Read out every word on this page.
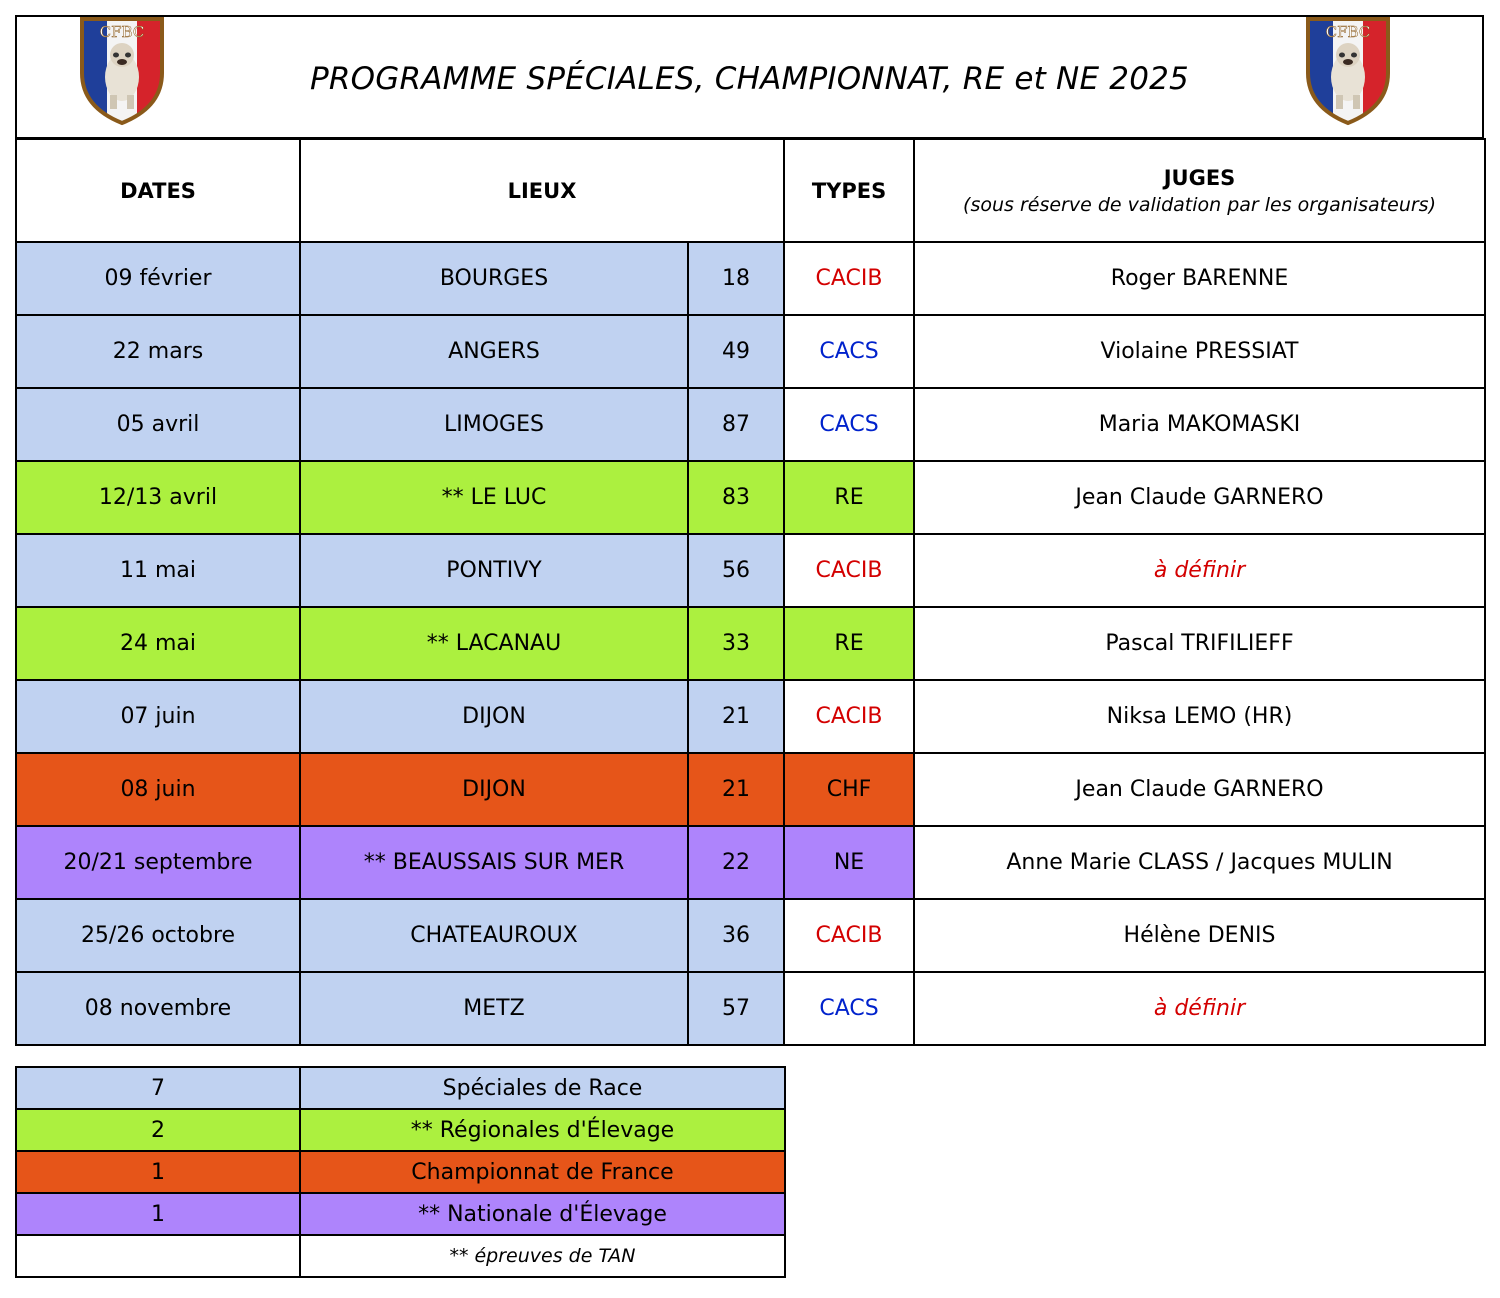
PROGRAMME SPÉCIALES, CHAMPIONNAT, RE et NE 2025
CFBC	CFBC
DATES	LIEUX		TYPES	JUGES
(sous réserve de validation par les organisateurs)

09 février	BOURGES	18	CACIB	Roger BARENNE
22 mars	ANGERS	49	CACS	Violaine PRESSIAT
05 avril	LIMOGES	87	CACS	Maria MAKOMASKI
12/13 avril	** LE LUC	83	RE	Jean Claude GARNERO
11 mai	PONTIVY	56	CACIB	à définir
24 mai	** LACANAU	33	RE	Pascal TRIFILIEFF
07 juin	DIJON	21	CACIB	Niksa LEMO (HR)
08 juin	DIJON	21	CHF	Jean Claude GARNERO
20/21 septembre	** BEAUSSAIS SUR MER	22	NE	Anne Marie CLASS / Jacques MULIN
25/26 octobre	CHATEAUROUX	36	CACIB	Hélène DENIS
08 novembre	METZ	57	CACS	à définir
7	Spéciales de Race
2	** Régionales d'Élevage
1	Championnat de France
1	** Nationale d'Élevage
	** épreuves de TAN
